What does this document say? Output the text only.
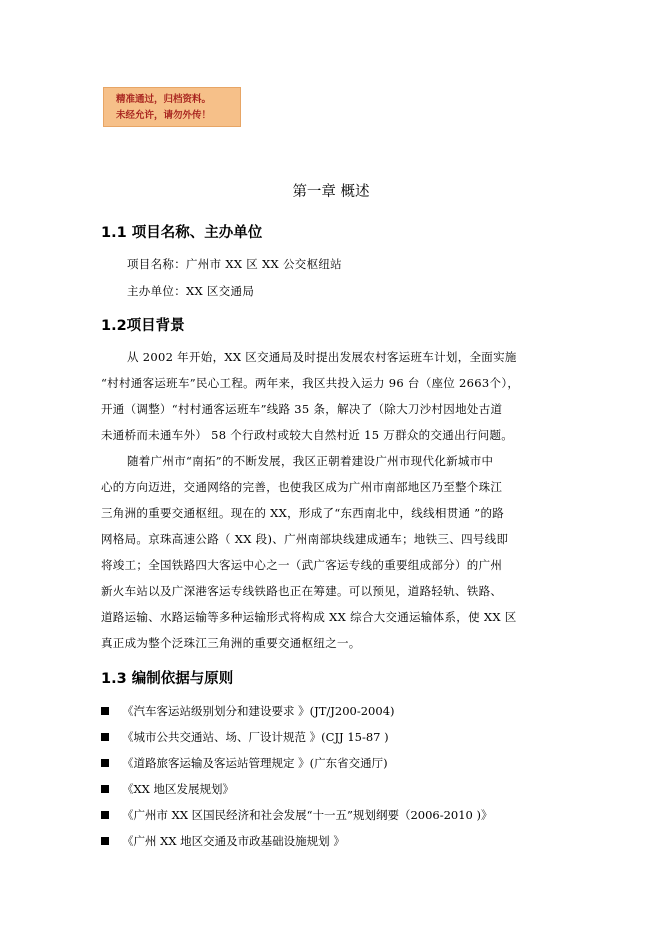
精准通过，归档资料。
未经允许，请勿外传！
第一章 概述
1.1 项目名称、主办单位
项目名称：广州市 XX 区 XX 公交枢纽站
主办单位：XX 区交通局
1.2项目背景
从 2002 年开始，XX 区交通局及时提出发展农村客运班车计划，全面实施
“村村通客运班车”民心工程。两年来，我区共投入运力 96 台（座位 2663个），
开通（调整）“村村通客运班车”线路 35 条，解决了（除大刀沙村因地处古道
未通桥而未通车外） 58 个行政村或较大自然村近 15 万群众的交通出行问题。
随着广州市“南拓”的不断发展，我区正朝着建设广州市现代化新城市中
心的方向迈进，交通网络的完善，也使我区成为广州市南部地区乃至整个珠江
三角洲的重要交通枢纽。现在的 XX，形成了“东西南北中，线线相贯通 ”的路
网格局。京珠高速公路（ XX 段)、广州南部块线建成通车；地铁三、四号线即
将竣工；全国铁路四大客运中心之一（武广客运专线的重要组成部分）的广州
新火车站以及广深港客运专线铁路也正在筹建。可以预见，道路轻轨、铁路、
道路运输、水路运输等多种运输形式将构成 XX 综合大交通运输体系，使 XX 区
真正成为整个泛珠江三角洲的重要交通枢纽之一。
1.3 编制依据与原则
《汽车客运站级别划分和建设要求 》(JT/J200-2004)
《城市公共交通站、场、厂设计规范 》(CJJ 15-87 )
《道路旅客运输及客运站管理规定 》(广东省交通厅)
《XX 地区发展规划》
《广州市 XX 区国民经济和社会发展“十一五”规划纲要（2006-2010 )》
《广州 XX 地区交通及市政基础设施规划 》
